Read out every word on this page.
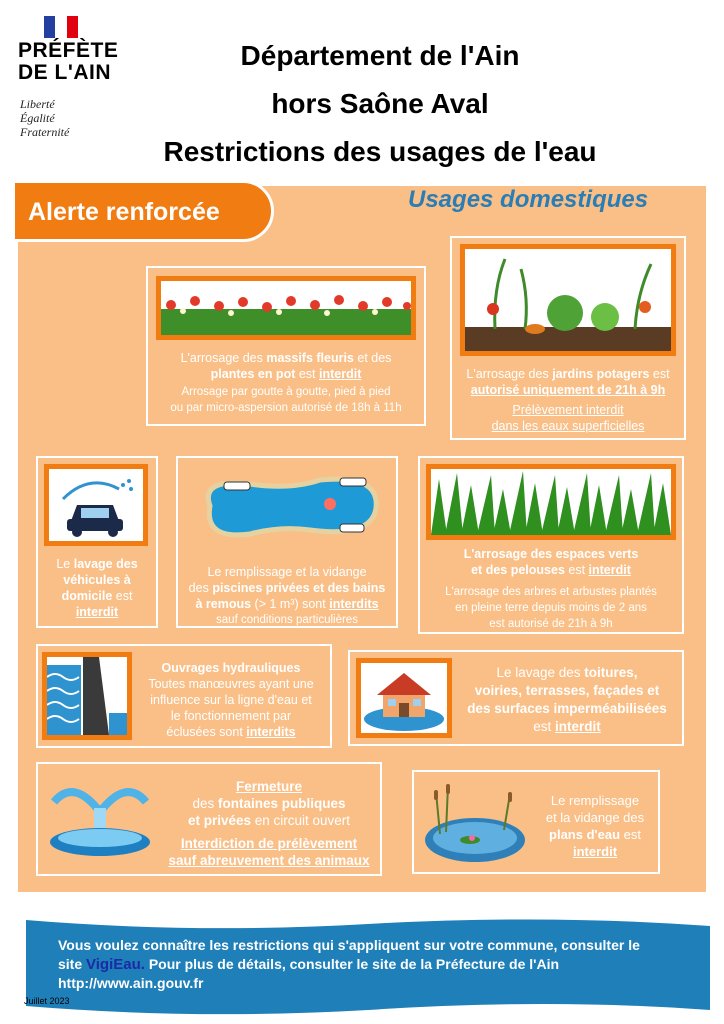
PRÉFÈTE
DE L'AIN
Liberté
Égalité
Fraternité
Département de l'Ain
hors Saône Aval
Restrictions des usages de l'eau
Alerte renforcée	Usages domestiques
L'arrosage des massifs fleuris et des
plantes en pot est interdit
Arrosage par goutte à goutte, pied à pied
ou par micro-aspersion autorisé de 18h à 11h
L'arrosage des jardins potagers est
autorisé uniquement de 21h à 9h
Prélèvement interdit
dans les eaux superficielles
Le lavage des
véhicules à
domicile est
interdit
Le remplissage et la vidange
des piscines privées et des bains
à remous (> 1 m³) sont interdits
sauf conditions particulières
L'arrosage des espaces verts
et des pelouses est interdit
L'arrosage des arbres et arbustes plantés
en pleine terre depuis moins de 2 ans
est autorisé de 21h à 9h
Ouvrages hydrauliques
Toutes manœuvres ayant une
influence sur la ligne d'eau et
le fonctionnement par
éclusées sont interdits
Le lavage des toitures,
voiries, terrasses, façades et
des surfaces imperméabilisées
est interdit
Fermeture
des fontaines publiques
et privées en circuit ouvert
Interdiction de prélèvement
sauf abreuvement des animaux
Le remplissage
et la vidange des
plans d'eau est
interdit
Vous voulez connaître les restrictions qui s'appliquent sur votre commune, consulter le
site VigiEau. Pour plus de détails, consulter le site de la Préfecture de l'Ain
http://www.ain.gouv.fr
Juillet 2023
